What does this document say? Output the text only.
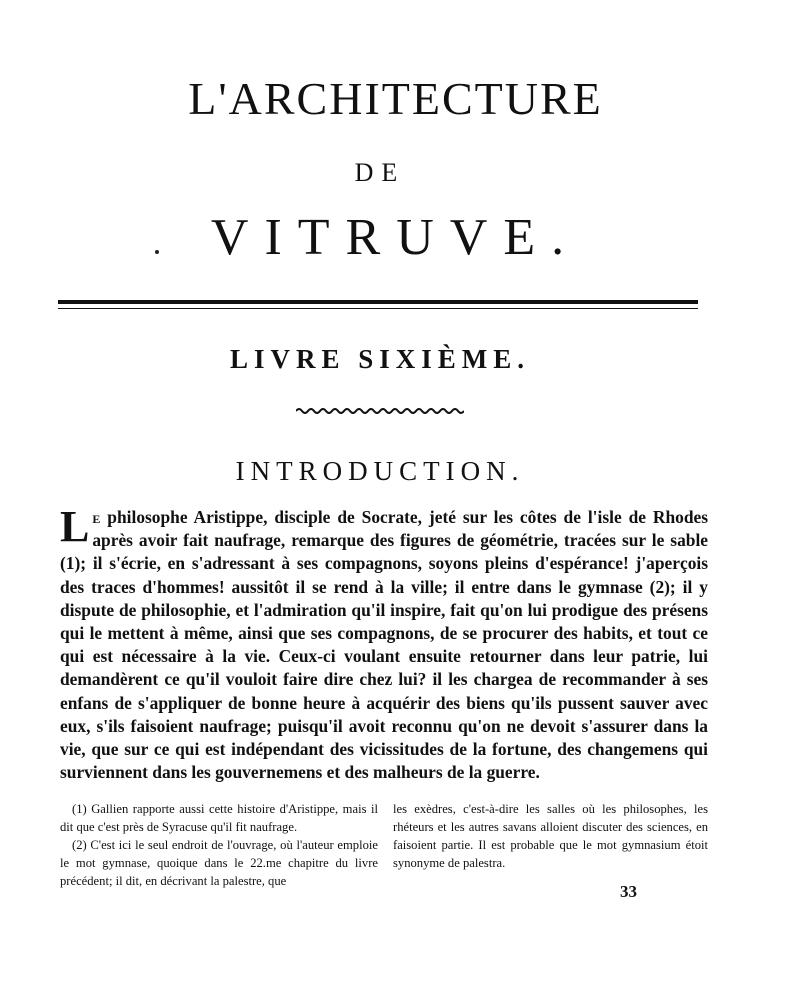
L'ARCHITECTURE
DE
VITRUVE.
LIVRE SIXIÈME.
INTRODUCTION.
Le philosophe Aristippe, disciple de Socrate, jeté sur les côtes de l'isle de Rhodes après avoir fait naufrage, remarque des figures de géométrie, tracées sur le sable (1); il s'écrie, en s'adressant à ses compagnons, soyons pleins d'espérance! j'aperçois des traces d'hommes! aussitôt il se rend à la ville; il entre dans le gymnase (2); il y dispute de philosophie, et l'admiration qu'il inspire, fait qu'on lui prodigue des présens qui le mettent à même, ainsi que ses compagnons, de se procurer des habits, et tout ce qui est nécessaire à la vie. Ceux-ci voulant ensuite retourner dans leur patrie, lui demandèrent ce qu'il vouloit faire dire chez lui? il les chargea de recommander à ses enfans de s'appliquer de bonne heure à acquérir des biens qu'ils pussent sauver avec eux, s'ils faisoient naufrage; puisqu'il avoit reconnu qu'on ne devoit s'assurer dans la vie, que sur ce qui est indépendant des vicissitudes de la fortune, des changemens qui surviennent dans les gouvernemens et des malheurs de la guerre.

(1) Gallien rapporte aussi cette histoire d'Aristippe, mais il dit que c'est près de Syracuse qu'il fit naufrage.

(2) C'est ici le seul endroit de l'ouvrage, où l'auteur emploie le mot gymnase, quoique dans le 22.me chapitre du livre précédent; il dit, en décrivant la palestre, que

les exèdres, c'est-à-dire les salles où les philosophes, les rhéteurs et les autres savans alloient discuter des sciences, en faisoient partie. Il est probable que le mot gymnasium étoit synonyme de palestra.

33
